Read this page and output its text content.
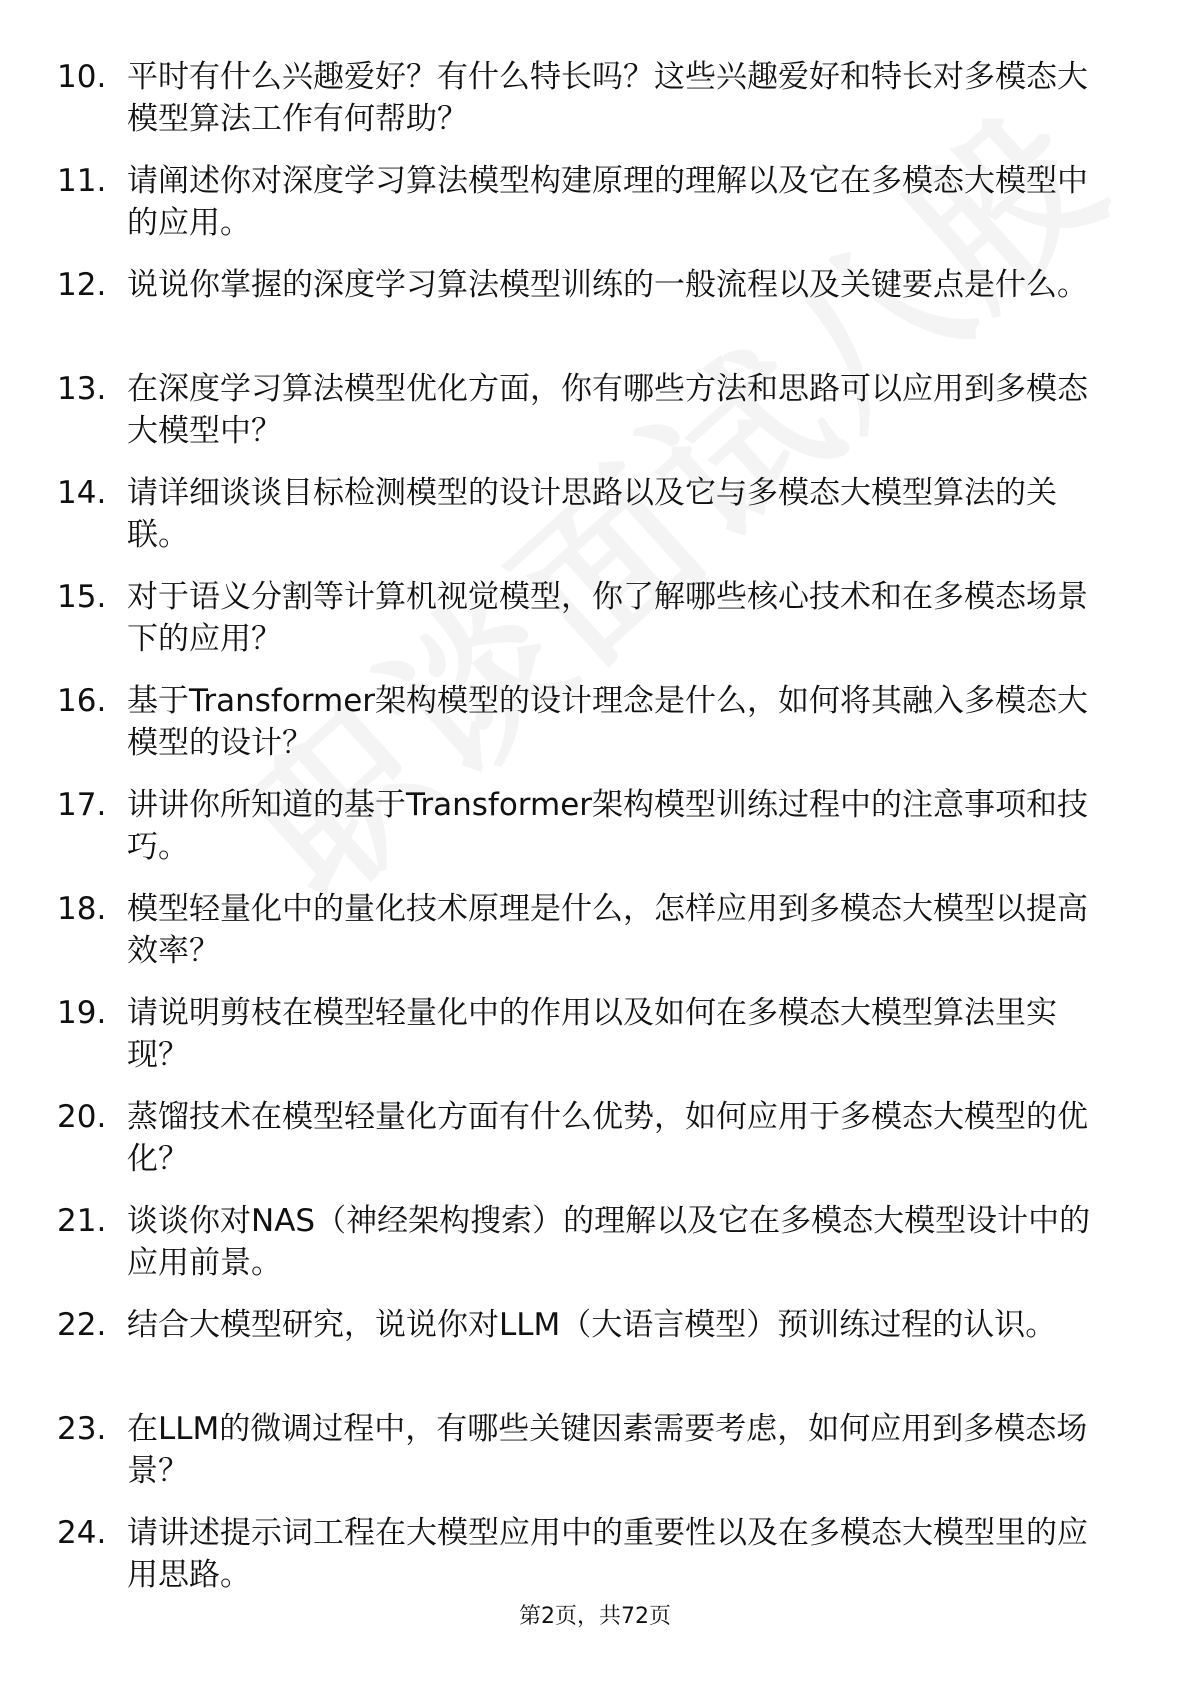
10. 平时有什么兴趣爱好？有什么特长吗？这些兴趣爱好和特长对多模态大模型算法工作有何帮助？
11. 请阐述你对深度学习算法模型构建原理的理解以及它在多模态大模型中的应用。
12. 说说你掌握的深度学习算法模型训练的一般流程以及关键要点是什么。
13. 在深度学习算法模型优化方面，你有哪些方法和思路可以应用到多模态大模型中？
14. 请详细谈谈目标检测模型的设计思路以及它与多模态大模型算法的关联。
15. 对于语义分割等计算机视觉模型，你了解哪些核心技术和在多模态场景下的应用？
16. 基于Transformer架构模型的设计理念是什么，如何将其融入多模态大模型的设计？
17. 讲讲你所知道的基于Transformer架构模型训练过程中的注意事项和技巧。
18. 模型轻量化中的量化技术原理是什么，怎样应用到多模态大模型以提高效率？
19. 请说明剪枝在模型轻量化中的作用以及如何在多模态大模型算法里实现？
20. 蒸馏技术在模型轻量化方面有什么优势，如何应用于多模态大模型的优化？
21. 谈谈你对NAS（神经架构搜索）的理解以及它在多模态大模型设计中的应用前景。
22. 结合大模型研究，说说你对LLM（大语言模型）预训练过程的认识。
23. 在LLM的微调过程中，有哪些关键因素需要考虑，如何应用到多模态场景？
24. 请讲述提示词工程在大模型应用中的重要性以及在多模态大模型里的应用思路。
第2页，共72页
